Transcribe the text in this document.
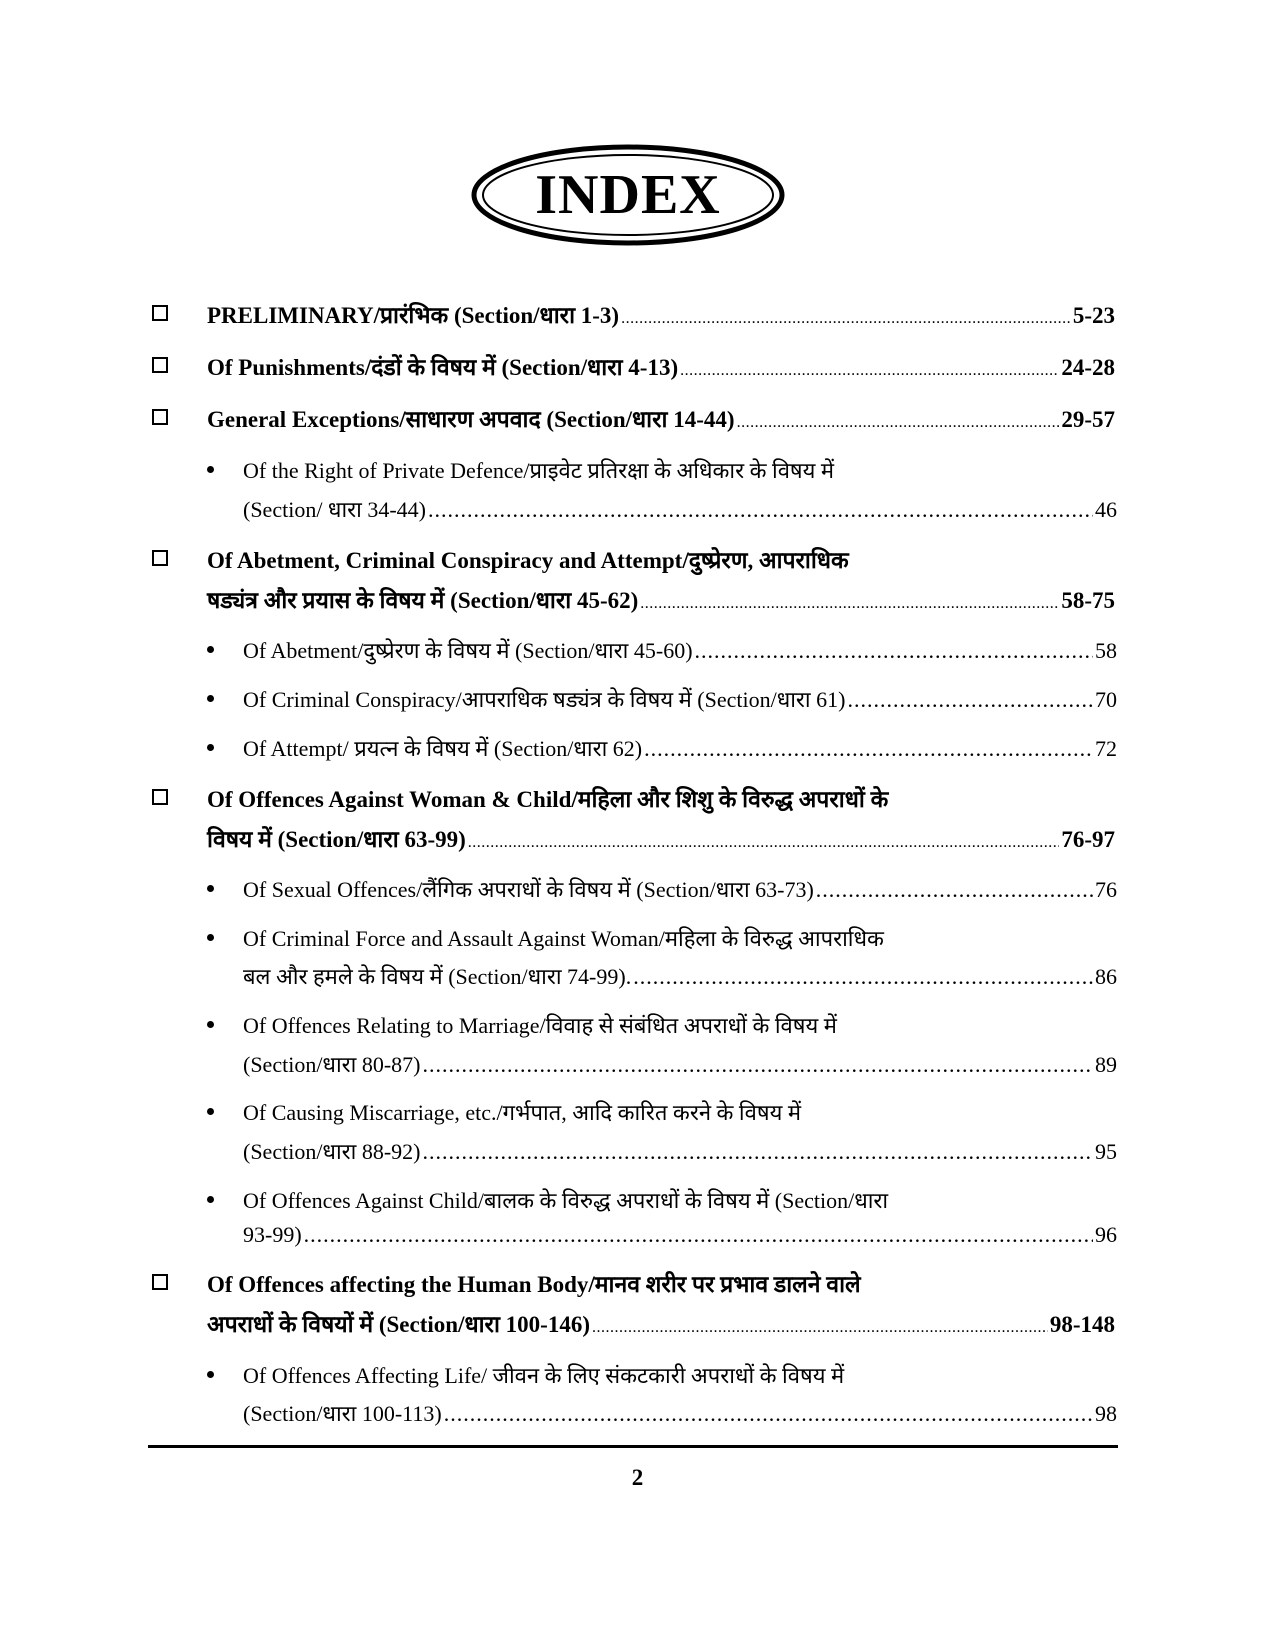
INDEX
PRELIMINARY/प्रारंभिक (Section/धारा 1-3) .....	5-23
Of Punishments/दंडों के विषय में (Section/धारा 4-13) .....	24-28
General Exceptions/साधारण अपवाद (Section/धारा 14-44) .....	29-57
Of the Right of Private Defence/प्राइवेट प्रतिरक्षा के अधिकार के विषय में
(Section/ धारा 34-44) .....	46
Of Abetment, Criminal Conspiracy and Attempt/दुष्प्रेरण, आपराधिक
षड्यंत्र और प्रयास के विषय में (Section/धारा 45-62) .....	58-75
Of Abetment/दुष्प्रेरण के विषय में (Section/धारा 45-60) .....	58
Of Criminal Conspiracy/आपराधिक षड्यंत्र के विषय में (Section/धारा 61) .....	70
Of Attempt/ प्रयत्न के विषय में (Section/धारा 62) .....	72
Of Offences Against Woman & Child/महिला और शिशु के विरुद्ध अपराधों के
विषय में (Section/धारा 63-99) .....	76-97
Of Sexual Offences/लैंगिक अपराधों के विषय में (Section/धारा 63-73) .....	76
Of Criminal Force and Assault Against Woman/महिला के विरुद्ध आपराधिक
बल और हमले के विषय में (Section/धारा 74-99). .....	86
Of Offences Relating to Marriage/विवाह से संबंधित अपराधों के विषय में
(Section/धारा 80-87) .....	89
Of Causing Miscarriage, etc./गर्भपात, आदि कारित करने के विषय में
(Section/धारा 88-92) .....	95
Of Offences Against Child/बालक के विरुद्ध अपराधों के विषय में (Section/धारा
93-99) .....	96
Of Offences affecting the Human Body/मानव शरीर पर प्रभाव डालने वाले
अपराधों के विषयों में (Section/धारा 100-146) .....	98-148
Of Offences Affecting Life/ जीवन के लिए संकटकारी अपराधों के विषय में
(Section/धारा 100-113) .....	98
2
